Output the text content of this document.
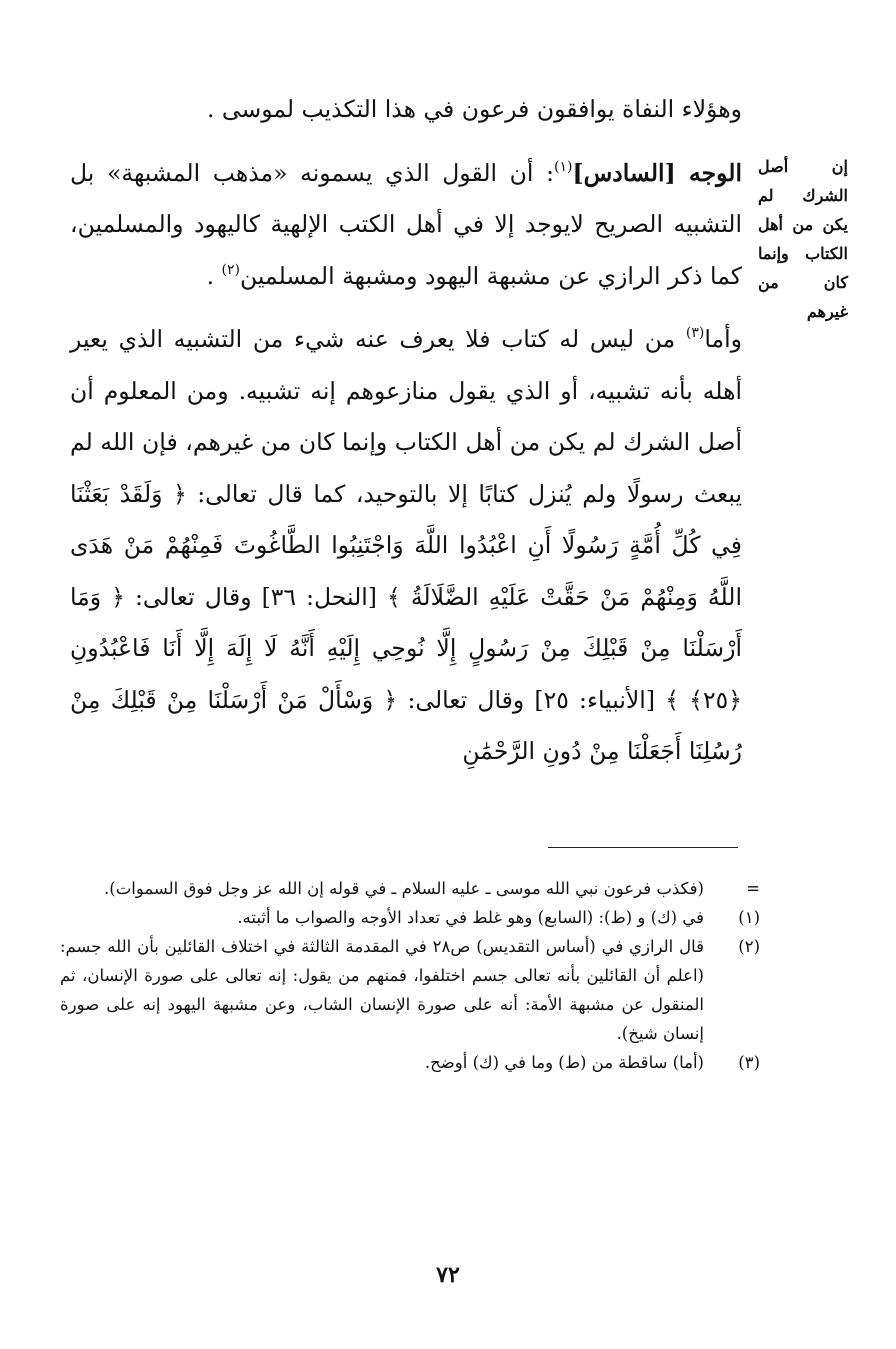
وهؤلاء النفاة يوافقون فرعون في هذا التكذيب لموسى .

الوجه [السادس]$^{(١)}$: أن القول الذي يسمونه «مذهب المشبهة» بل التشبيه الصريح لايوجد إلا في أهل الكتب الإلهية كاليهود والمسلمين، كما ذكر الرازي عن مشبهة اليهود ومشبهة المسلمين$^{(٢)}$ .

وأما$^{(٣)}$ من ليس له كتاب فلا يعرف عنه شيء من التشبيه الذي يعير أهله بأنه تشبيه، أو الذي يقول منازعوهم إنه تشبيه. ومن المعلوم أن أصل الشرك لم يكن من أهل الكتاب وإنما كان من غيرهم، فإن الله لم يبعث رسولًا ولم يُنزل كتابًا إلا بالتوحيد، كما قال تعالى: ﴿ وَلَقَدْ بَعَثْنَا فِي كُلِّ أُمَّةٍ رَسُولًا أَنِ اعْبُدُوا اللَّهَ وَاجْتَنِبُوا الطَّاغُوتَ فَمِنْهُمْ مَنْ هَدَى اللَّهُ وَمِنْهُمْ مَنْ حَقَّتْ عَلَيْهِ الضَّلَالَةُ ﴾ [النحل: ٣٦] وقال تعالى: ﴿ وَمَا أَرْسَلْنَا مِنْ قَبْلِكَ مِنْ رَسُولٍ إِلَّا نُوحِي إِلَيْهِ أَنَّهُ لَا إِلَهَ إِلَّا أَنَا فَاعْبُدُونِ ﴿٢٥﴾ ﴾ [الأنبياء: ٢٥] وقال تعالى: ﴿ وَسْأَلْ مَنْ أَرْسَلْنَا مِنْ قَبْلِكَ مِنْ رُسُلِنَا أَجَعَلْنَا مِنْ دُونِ الرَّحْمَٰنِ

إن أصل
الشرك لم
يكن من أهل
الكتاب وإنما
كان من
غيرهم
=
(فكذب فرعون نبي الله موسى ـ عليه السلام ـ في قوله إن الله عز وجل فوق السموات).
(١)
في (ك) و (ط): (السابع) وهو غلط في تعداد الأوجه والصواب ما أثبته.
(٢)
قال الرازي في (أساس التقديس) ص٢٨ في المقدمة الثالثة في اختلاف القائلين بأن الله جسم: (اعلم أن القائلين بأنه تعالى جسم اختلفوا، فمنهم من يقول: إنه تعالى على صورة الإنسان، ثم المنقول عن مشبهة الأمة: أنه على صورة الإنسان الشاب، وعن مشبهة اليهود إنه على صورة إنسان شيخ).
(٣)
(أما) ساقطة من (ط) وما في (ك) أوضح.
٧٢
